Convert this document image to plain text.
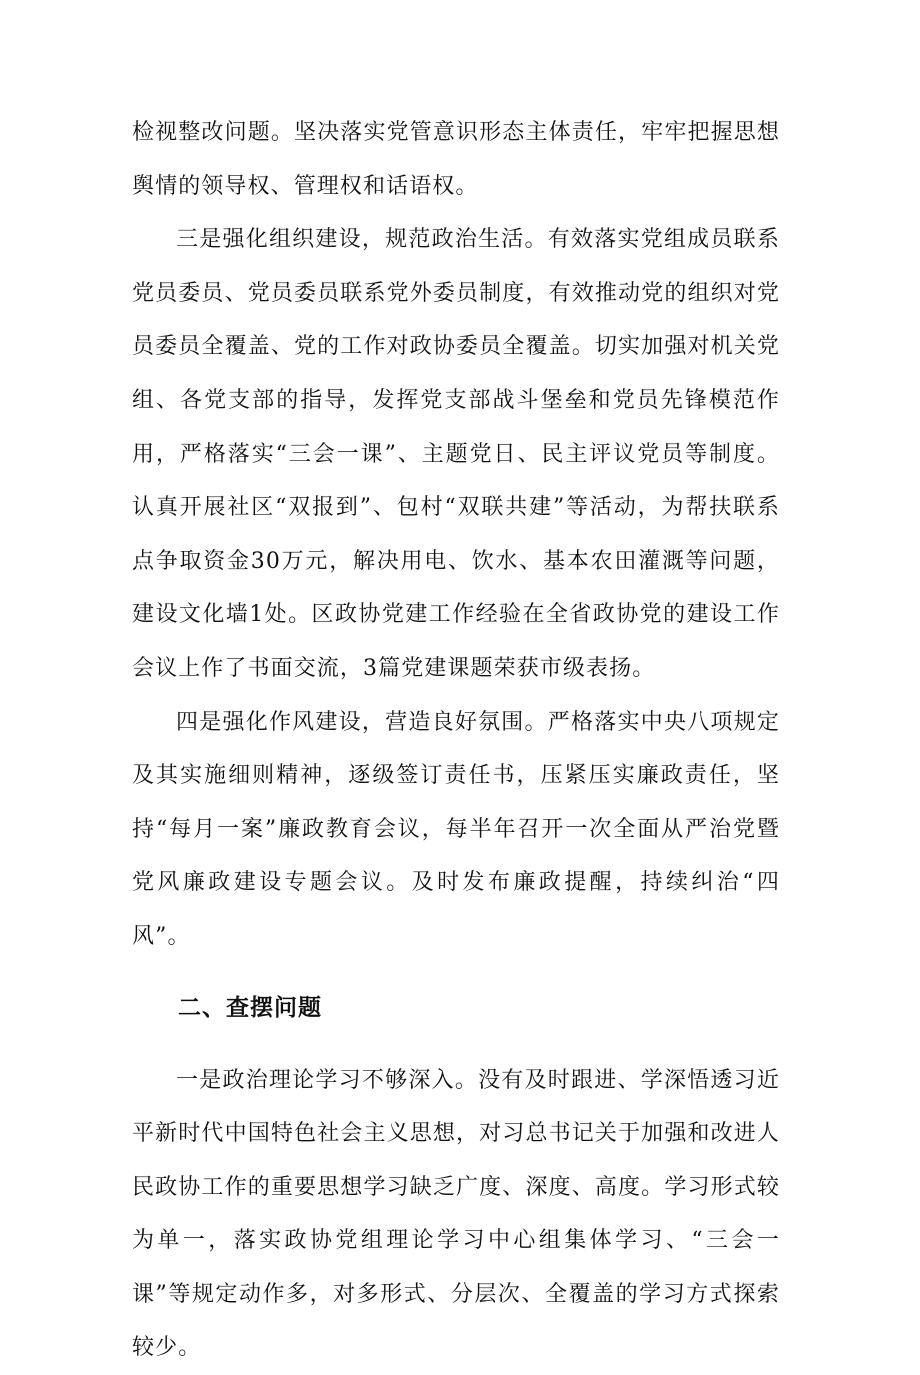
检视整改问题。坚决落实党管意识形态主体责任，牢牢把握思想舆情的领导权、管理权和话语权。

三是强化组织建设，规范政治生活。有效落实党组成员联系党员委员、党员委员联系党外委员制度，有效推动党的组织对党员委员全覆盖、党的工作对政协委员全覆盖。切实加强对机关党组、各党支部的指导，发挥党支部战斗堡垒和党员先锋模范作用，严格落实“三会一课”、主题党日、民主评议党员等制度。认真开展社区“双报到”、包村“双联共建”等活动，为帮扶联系点争取资金30万元，解决用电、饮水、基本农田灌溉等问题，建设文化墙1处。区政协党建工作经验在全省政协党的建设工作会议上作了书面交流，3篇党建课题荣获市级表扬。

四是强化作风建设，营造良好氛围。严格落实中央八项规定及其实施细则精神，逐级签订责任书，压紧压实廉政责任，坚持“每月一案”廉政教育会议，每半年召开一次全面从严治党暨党风廉政建设专题会议。及时发布廉政提醒，持续纠治“四风”。

二、查摆问题

一是政治理论学习不够深入。没有及时跟进、学深悟透习近平新时代中国特色社会主义思想，对习总书记关于加强和改进人民政协工作的重要思想学习缺乏广度、深度、高度。学习形式较为单一，落实政协党组理论学习中心组集体学习、“三会一课”等规定动作多，对多形式、分层次、全覆盖的学习方式探索较少。
